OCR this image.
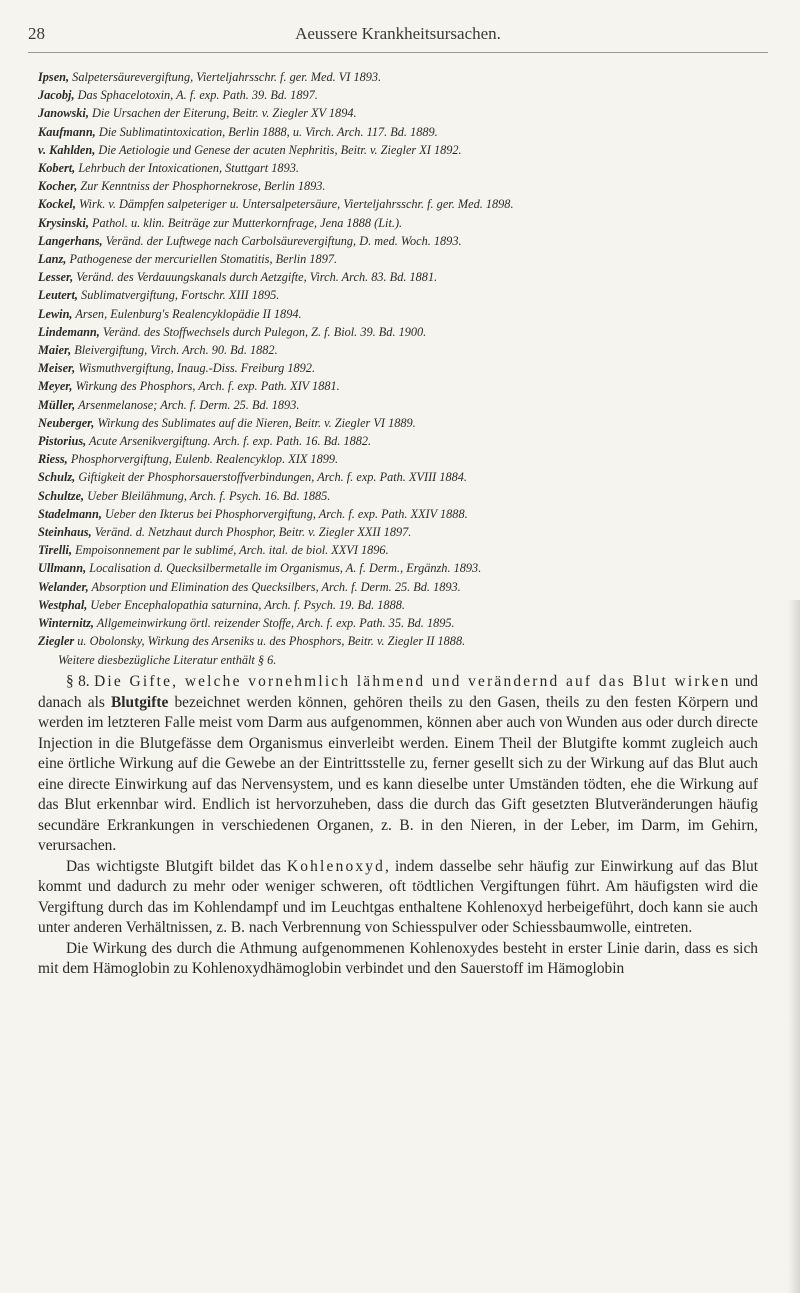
28	Aeussere Krankheitsursachen.
Ipsen, Salpetersäurevergiftung, Vierteljahrsschr. f. ger. Med. VI 1893.
Jacobj, Das Sphacelotoxin, A. f. exp. Path. 39. Bd. 1897.
Janowski, Die Ursachen der Eiterung, Beitr. v. Ziegler XV 1894.
Kaufmann, Die Sublimatintoxication, Berlin 1888, u. Virch. Arch. 117. Bd. 1889.
v. Kahlden, Die Aetiologie und Genese der acuten Nephritis, Beitr. v. Ziegler XI 1892.
Kobert, Lehrbuch der Intoxicationen, Stuttgart 1893.
Kocher, Zur Kenntniss der Phosphornekrose, Berlin 1893.
Kockel, Wirk. v. Dämpfen salpeteriger u. Untersalpetersäure, Vierteljahrsschr. f. ger. Med. 1898.
Krysinski, Pathol. u. klin. Beiträge zur Mutterkornfrage, Jena 1888 (Lit.).
Langerhans, Veränd. der Luftwege nach Carbolsäurevergiftung, D. med. Woch. 1893.
Lanz, Pathogenese der mercuriellen Stomatitis, Berlin 1897.
Lesser, Veränd. des Verdauungskanals durch Aetzgifte, Virch. Arch. 83. Bd. 1881.
Leutert, Sublimatvergiftung, Fortschr. XIII 1895.
Lewin, Arsen, Eulenburg's Realencyklopädie II 1894.
Lindemann, Veränd. des Stoffwechsels durch Pulegon, Z. f. Biol. 39. Bd. 1900.
Maier, Bleivergiftung, Virch. Arch. 90. Bd. 1882.
Meiser, Wismuthvergiftung, Inaug.-Diss. Freiburg 1892.
Meyer, Wirkung des Phosphors, Arch. f. exp. Path. XIV 1881.
Müller, Arsenmelanose; Arch. f. Derm. 25. Bd. 1893.
Neuberger, Wirkung des Sublimates auf die Nieren, Beitr. v. Ziegler VI 1889.
Pistorius, Acute Arsenikvergiftung. Arch. f. exp. Path. 16. Bd. 1882.
Riess, Phosphorvergiftung, Eulenb. Realencyklop. XIX 1899.
Schulz, Giftigkeit der Phosphorsauerstoffverbindungen, Arch. f. exp. Path. XVIII 1884.
Schultze, Ueber Bleilähmung, Arch. f. Psych. 16. Bd. 1885.
Stadelmann, Ueber den Ikterus bei Phosphorvergiftung, Arch. f. exp. Path. XXIV 1888.
Steinhaus, Veränd. d. Netzhaut durch Phosphor, Beitr. v. Ziegler XXII 1897.
Tirelli, Empoisonnement par le sublimé, Arch. ital. de biol. XXVI 1896.
Ullmann, Localisation d. Quecksilbermetalle im Organismus, A. f. Derm., Ergänzh. 1893.
Welander, Absorption und Elimination des Quecksilbers, Arch. f. Derm. 25. Bd. 1893.
Westphal, Ueber Encephalopathia saturnina, Arch. f. Psych. 19. Bd. 1888.
Winternitz, Allgemeinwirkung örtl. reizender Stoffe, Arch. f. exp. Path. 35. Bd. 1895.
Ziegler u. Obolonsky, Wirkung des Arseniks u. des Phosphors, Beitr. v. Ziegler II 1888.
Weitere diesbezügliche Literatur enthält § 6.

§ 8. Die Gifte, welche vornehmlich lähmend und verändernd auf das Blut wirken und danach als Blutgifte bezeichnet werden können, gehören theils zu den Gasen, theils zu den festen Körpern und werden im letzteren Falle meist vom Darm aus aufgenommen, können aber auch von Wunden aus oder durch directe Injection in die Blutgefässe dem Organismus einverleibt werden. Einem Theil der Blutgifte kommt zugleich auch eine örtliche Wirkung auf die Gewebe an der Eintrittsstelle zu, ferner gesellt sich zu der Wirkung auf das Blut auch eine directe Einwirkung auf das Nervensystem, und es kann dieselbe unter Umständen tödten, ehe die Wirkung auf das Blut erkennbar wird. Endlich ist hervorzuheben, dass die durch das Gift gesetzten Blutveränderungen häufig secundäre Erkrankungen in verschiedenen Organen, z. B. in den Nieren, in der Leber, im Darm, im Gehirn, verursachen.

Das wichtigste Blutgift bildet das Kohlenoxyd, indem dasselbe sehr häufig zur Einwirkung auf das Blut kommt und dadurch zu mehr oder weniger schweren, oft tödtlichen Vergiftungen führt. Am häufigsten wird die Vergiftung durch das im Kohlendampf und im Leuchtgas enthaltene Kohlenoxyd herbeigeführt, doch kann sie auch unter anderen Verhältnissen, z. B. nach Verbrennung von Schiesspulver oder Schiessbaumwolle, eintreten.

Die Wirkung des durch die Athmung aufgenommenen Kohlenoxydes besteht in erster Linie darin, dass es sich mit dem Hämoglobin zu Kohlenoxydhämoglobin verbindet und den Sauerstoff im Hämoglobin
